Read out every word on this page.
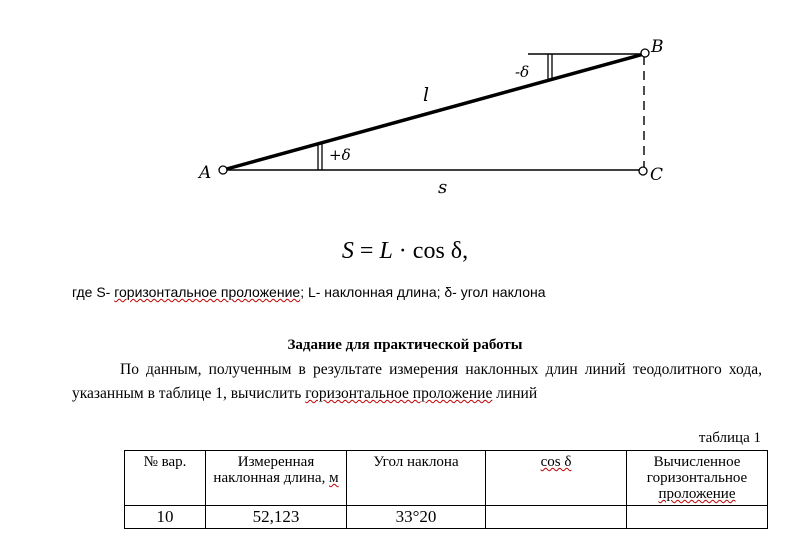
A
B
C
l
s
+δ
-δ
S = L · cos δ,
где S- горизонтальное проложение; L- наклонная длина; δ- угол наклона
Задание для практической работы
По данным, полученным в результате измерения наклонных длин линий теодолитного хода, указанным в таблице 1, вычислить горизонтальное проложение линий
таблица 1
№ вар.	Измеренная наклонная длина, м	Угол наклона	cos δ	Вычисленное горизонтальное проложение
10	52,123	33°20		
